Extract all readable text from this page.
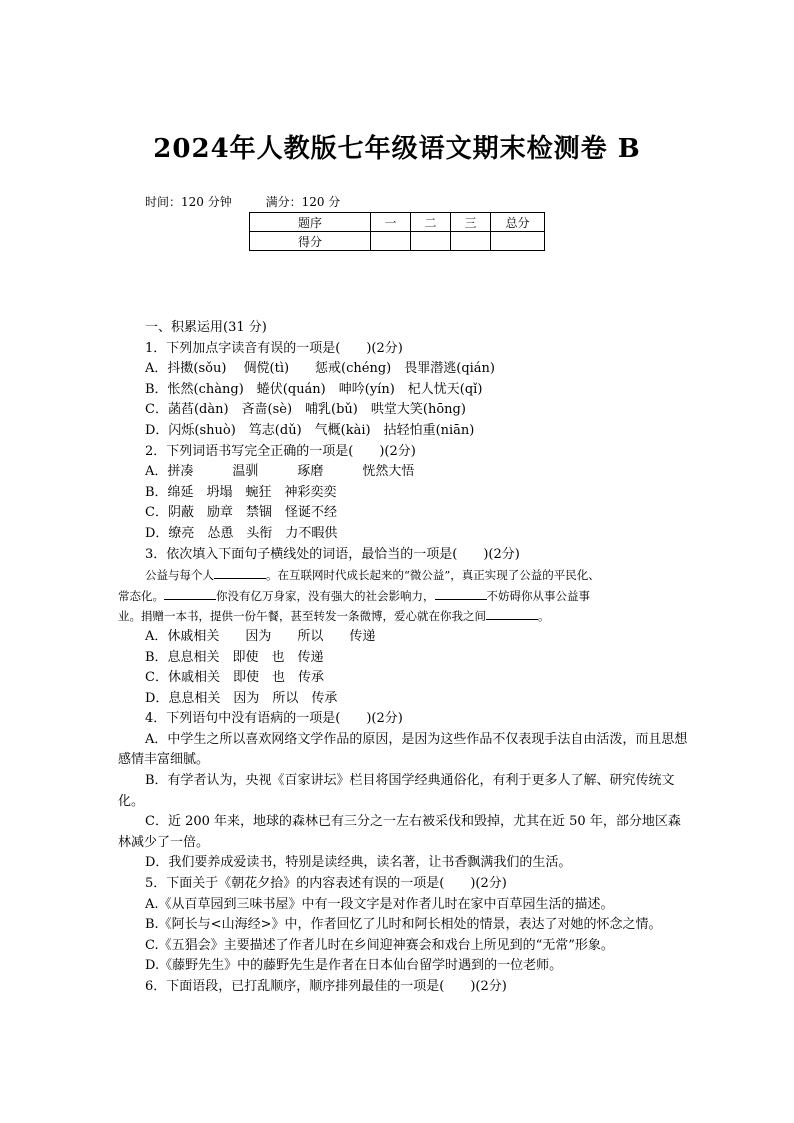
2024年人教版七年级语文期末检测卷 B
时间：120 分钟	满分：120 分
题序	一	二	三	总分
得分				
一、积累运用(31 分)
1．下列加点字读音有误的一项是(　　)(2分)
A．抖擞(sǒu)　 倜傥(tì)　　惩戒(chéng)　畏罪潜逃(qián)
B．怅然(chàng)　蜷伏(quán)　呻吟(yín)　杞人忧天(qǐ)
C．菡萏(dàn)　吝啬(sè)　哺乳(bǔ)　哄堂大笑(hōng)
D．闪烁(shuò)　笃志(dǔ)　气概(kài)　拈轻怕重(niān)
2．下列词语书写完全正确的一项是(　　)(2分)
A．拼凑　　　温驯　　　琢磨　　　恍然大悟
B．绵延　坍塌　蜿狂　神彩奕奕
C．阴蔽　励章　禁锢　怪诞不经
D．缭亮　怂恿　头衔　力不暇供
3．依次填入下面句子横线处的词语，最恰当的一项是(　　)(2分)
公益与每个人	。在互联网时代成长起来的“微公益”，真正实现了公益的平民化、
常态化。	你没有亿万身家，没有强大的社会影响力，	不妨碍你从事公益事
业。捐赠一本书，提供一份午餐，甚至转发一条微博，爱心就在你我之间	。
A．休戚相关　　因为　　所以　　传递
B．息息相关　即使　也　传递
C．休戚相关　即使　也　传承
D．息息相关　因为　所以　传承
4．下列语句中没有语病的一项是(　　)(2分)
A．中学生之所以喜欢网络文学作品的原因，是因为这些作品不仅表现手法自由活泼，而且思想感情丰富细腻。
B．有学者认为，央视《百家讲坛》栏目将国学经典通俗化，有利于更多人了解、研究传统文化。
C．近 200 年来，地球的森林已有三分之一左右被采伐和毁掉，尤其在近 50 年，部分地区森林减少了一倍。
D．我们要养成爱读书，特别是读经典，读名著，让书香飘满我们的生活。
5．下面关于《朝花夕拾》的内容表述有误的一项是(　　)(2分)
A.《从百草园到三味书屋》中有一段文字是对作者儿时在家中百草园生活的描述。
B.《阿长与<山海经>》中，作者回忆了儿时和阿长相处的情景，表达了对她的怀念之情。
C.《五猖会》主要描述了作者儿时在乡间迎神赛会和戏台上所见到的“无常”形象。
D.《藤野先生》中的藤野先生是作者在日本仙台留学时遇到的一位老师。
6．下面语段，已打乱顺序，顺序排列最佳的一项是(　　)(2分)
